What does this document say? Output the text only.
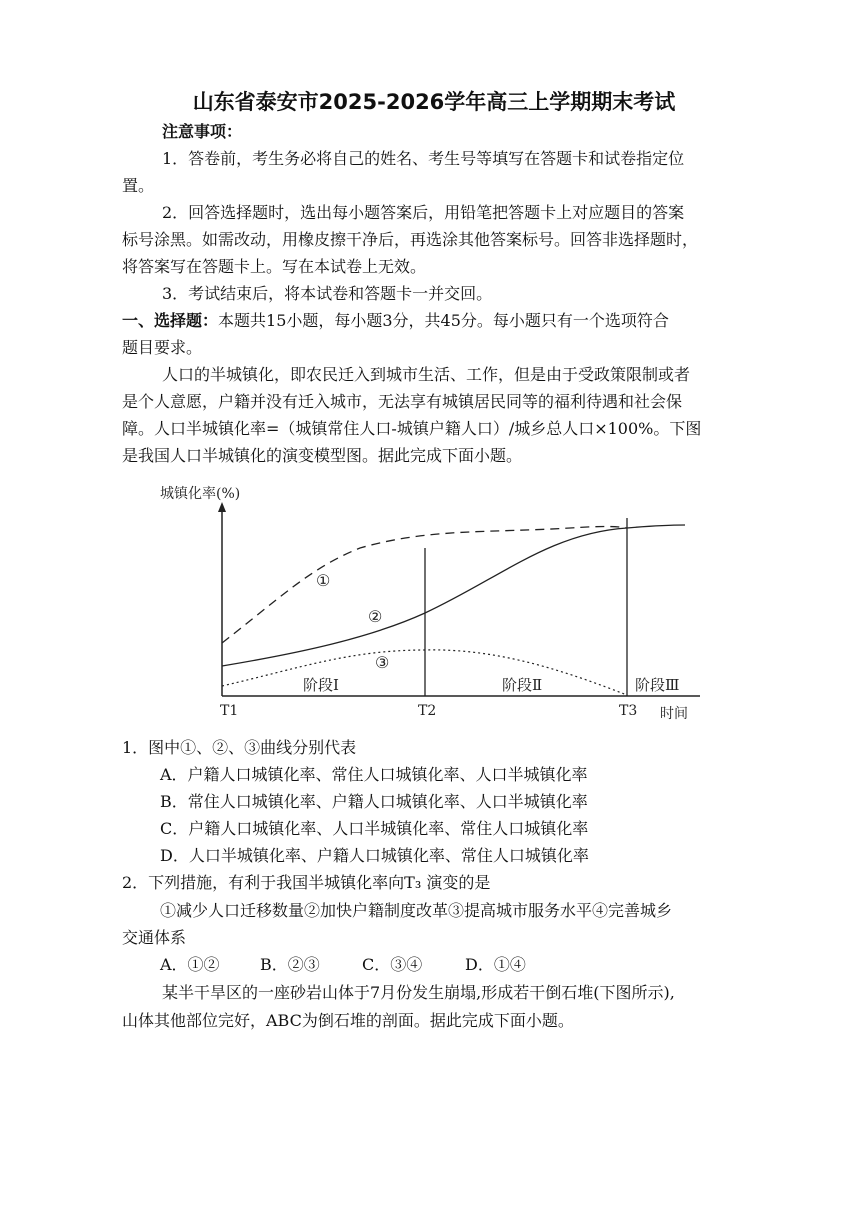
山东省泰安市2025-2026学年高三上学期期末考试
注意事项：
1．答卷前，考生务必将自己的姓名、考生号等填写在答题卡和试卷指定位
置。
2．回答选择题时，选出每小题答案后，用铅笔把答题卡上对应题目的答案
标号涂黑。如需改动，用橡皮擦干净后，再选涂其他答案标号。回答非选择题时，
将答案写在答题卡上。写在本试卷上无效。
3．考试结束后，将本试卷和答题卡一并交回。
一、选择题：本题共15小题，每小题3分，共45分。每小题只有一个选项符合
题目要求。
人口的半城镇化，即农民迁入到城市生活、工作，但是由于受政策限制或者
是个人意愿，户籍并没有迁入城市，无法享有城镇居民同等的福利待遇和社会保
障。人口半城镇化率=（城镇常住人口-城镇户籍人口）/城乡总人口×100%。下图
是我国人口半城镇化的演变模型图。据此完成下面小题。
城镇化率(%)
①
②
③
阶段Ⅰ	阶段Ⅱ	阶段Ⅲ
T1	T2	T3 时间
1．图中①、②、③曲线分别代表
A．户籍人口城镇化率、常住人口城镇化率、人口半城镇化率
B．常住人口城镇化率、户籍人口城镇化率、人口半城镇化率
C．户籍人口城镇化率、人口半城镇化率、常住人口城镇化率
D．人口半城镇化率、户籍人口城镇化率、常住人口城镇化率
2．下列措施，有利于我国半城镇化率向T₃ 演变的是
①减少人口迁移数量②加快户籍制度改革③提高城市服务水平④完善城乡
交通体系
A．①②	B．②③	C．③④	D．①④
某半干旱区的一座砂岩山体于7月份发生崩塌,形成若干倒石堆(下图所示),
山体其他部位完好，ABC为倒石堆的剖面。据此完成下面小题。
